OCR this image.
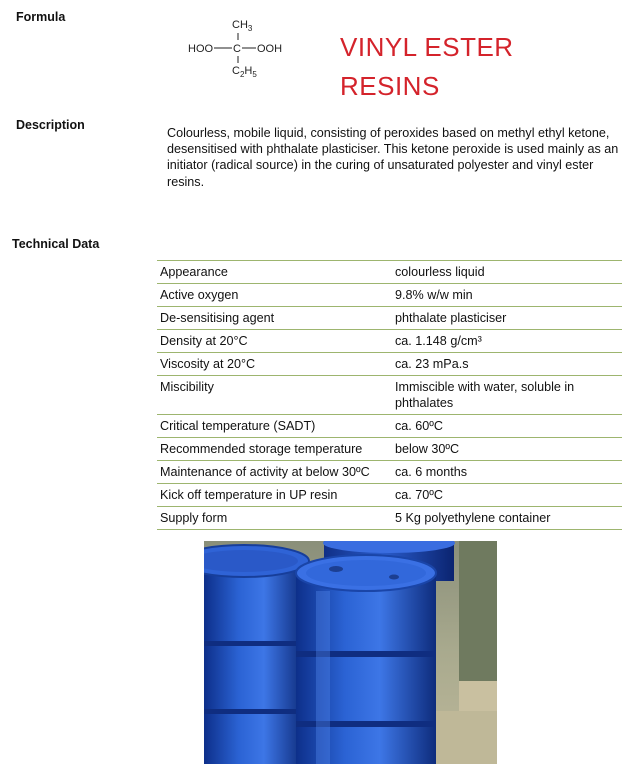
Formula
$CH_3$
HOO C OOH
$C_2H_5$
VINYL ESTER
RESINS
Description
Colourless, mobile liquid, consisting of peroxides based on methyl ethyl ketone, desensitised with phthalate plasticiser. This ketone peroxide is used mainly as an initiator (radical source) in the curing of unsaturated polyester and vinyl ester resins.
Technical Data
Appearance	colourless liquid
Active oxygen	9.8% w/w min
De-sensitising agent	phthalate plasticiser
Density at 20°C	ca. 1.148 g/cm³
Viscosity at 20°C	ca. 23 mPa.s
Miscibility	Immiscible with water, soluble in phthalates
Critical temperature (SADT)	ca. 60ºC
Recommended storage temperature	below 30ºC
Maintenance of activity at below 30ºC	ca. 6 months
Kick off temperature in UP resin	ca. 70ºC
Supply form	5 Kg polyethylene container
